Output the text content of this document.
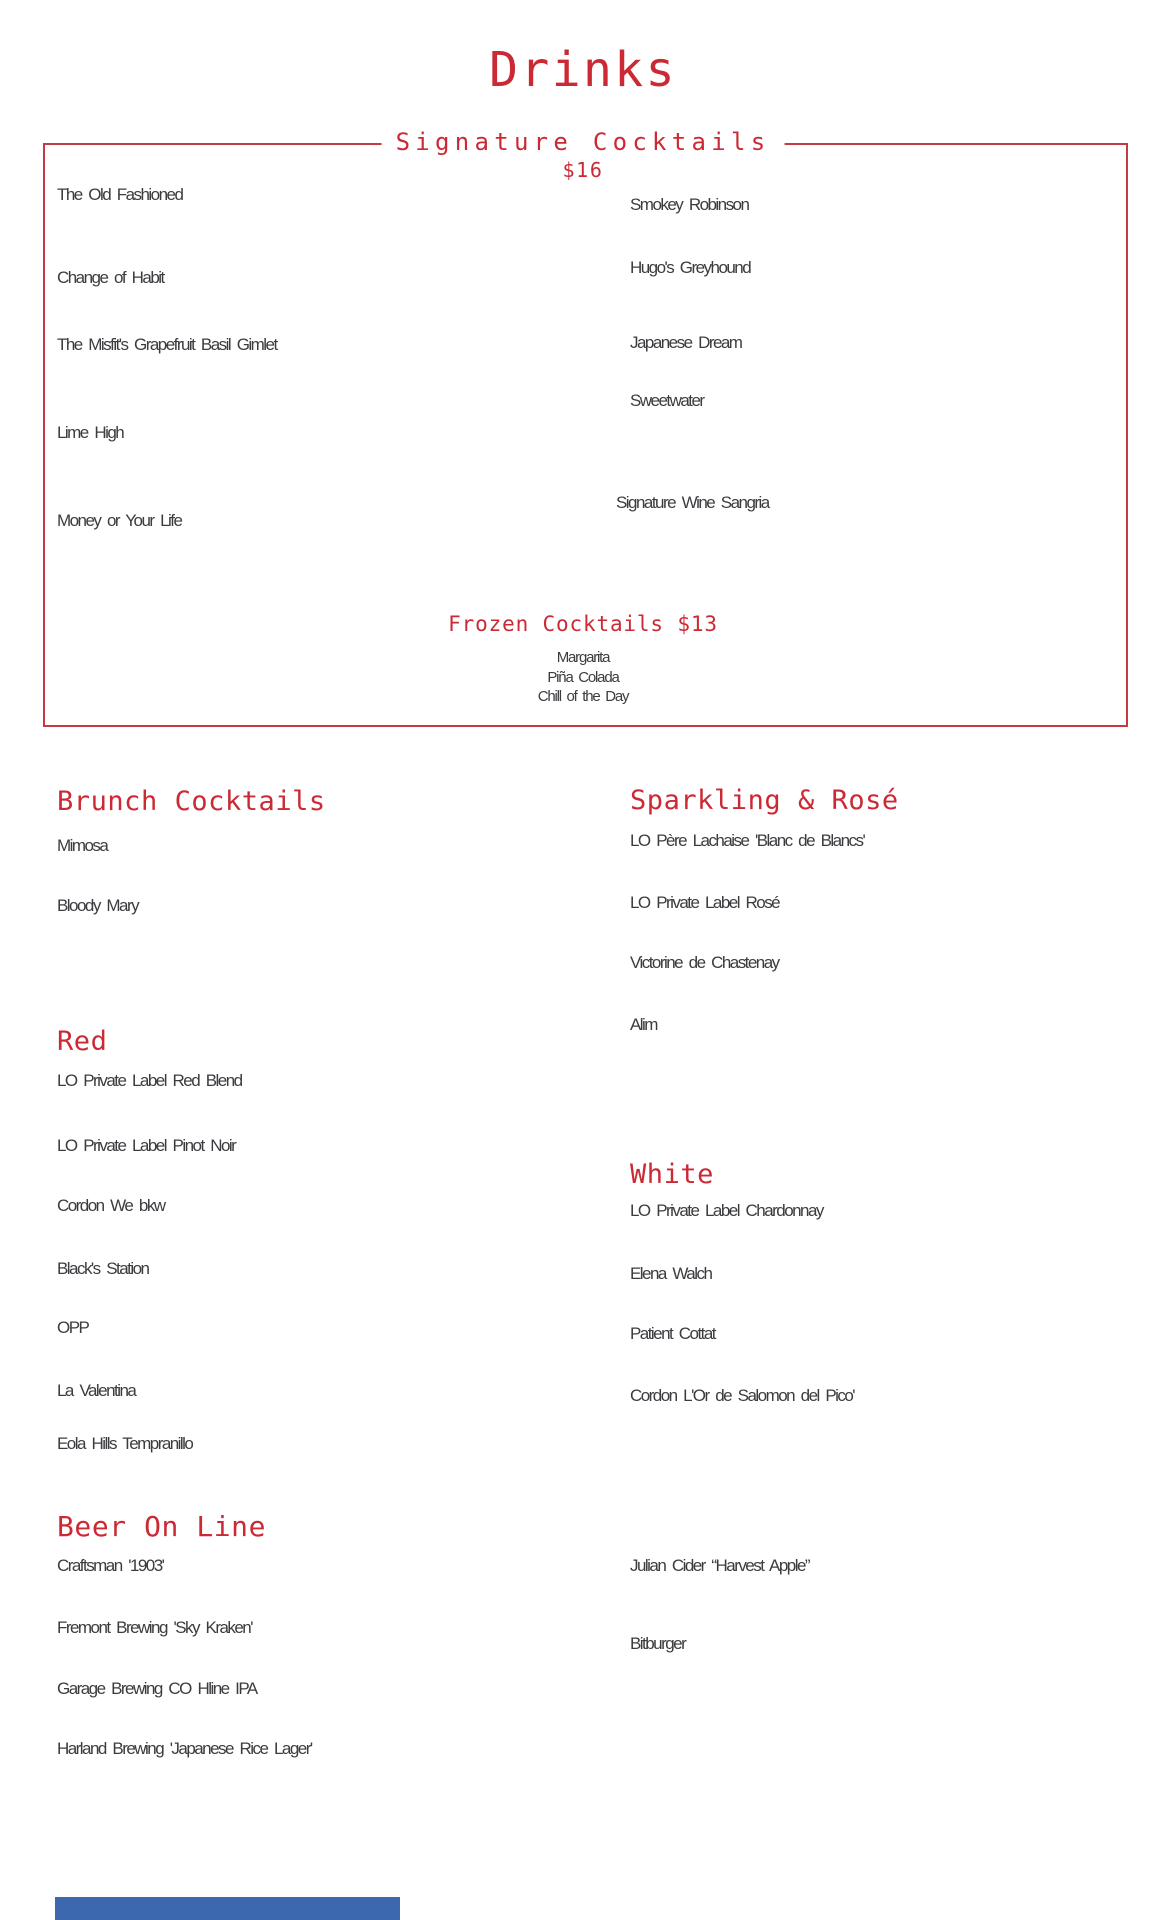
Drinks
Signature Cocktails
$16
The Old Fashioned
Change of Habit
The Misfit's Grapefruit Basil Gimlet
Lime High
Money or Your Life
Smokey Robinson
Hugo's Greyhound
Japanese Dream
Sweetwater
Signature Wine Sangria
Frozen Cocktails $13
Margarita
Piña Colada
Chill of the Day
Brunch Cocktails
Mimosa
Bloody Mary
Sparkling & Rosé
LO Père Lachaise 'Blanc de Blancs'
LO Private Label Rosé
Victorine de Chastenay
Alim
Red
LO Private Label Red Blend
LO Private Label Pinot Noir
Cordon We bkw
Black's Station
OPP
La Valentina
Eola Hills Tempranillo
White
LO Private Label Chardonnay
Elena Walch
Patient Cottat
Cordon L'Or de Salomon del Pico'
Beer On Line
Craftsman '1903'
Fremont Brewing 'Sky Kraken'
Garage Brewing CO Hline IPA
Harland Brewing 'Japanese Rice Lager'
Julian Cider “Harvest Apple”
Bitburger
